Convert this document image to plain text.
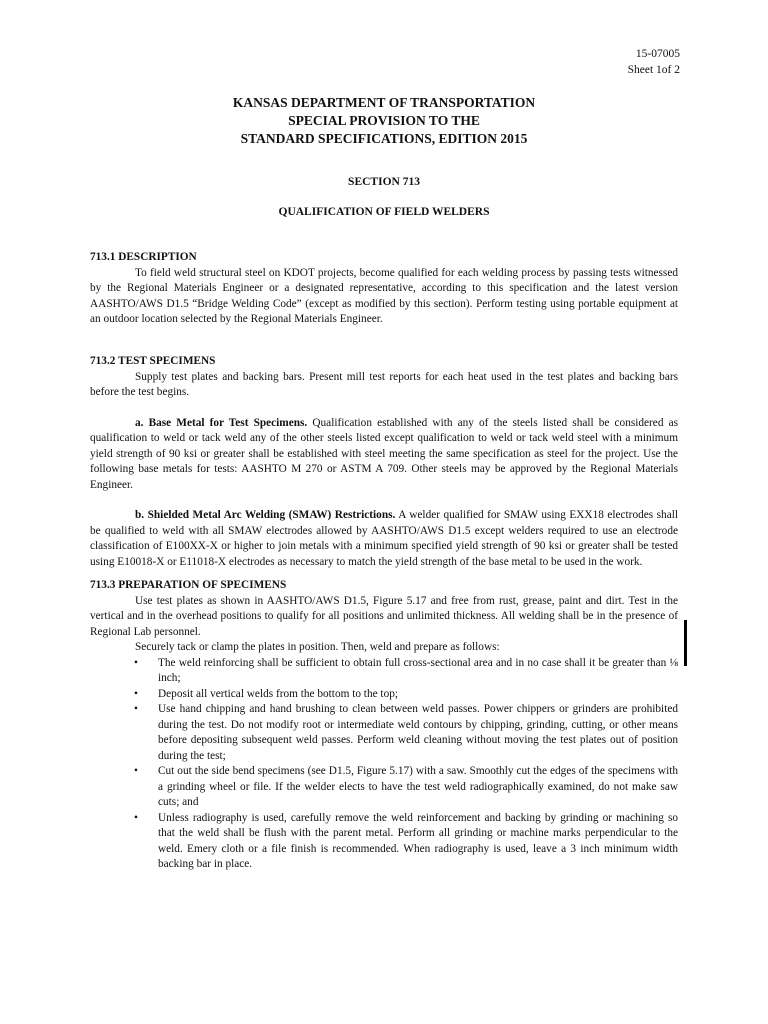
15-07005
Sheet 1of 2
KANSAS DEPARTMENT OF TRANSPORTATION
SPECIAL PROVISION TO THE
STANDARD SPECIFICATIONS, EDITION 2015
SECTION 713
QUALIFICATION OF FIELD WELDERS

713.1 DESCRIPTION

To field weld structural steel on KDOT projects, become qualified for each welding process by passing tests witnessed by the Regional Materials Engineer or a designated representative, according to this specification and the latest version AASHTO/AWS D1.5 “Bridge Welding Code” (except as modified by this section). Perform testing using portable equipment at an outdoor location selected by the Regional Materials Engineer.

713.2 TEST SPECIMENS

Supply test plates and backing bars. Present mill test reports for each heat used in the test plates and backing bars before the test begins.

a. Base Metal for Test Specimens. Qualification established with any of the steels listed shall be considered as qualification to weld or tack weld any of the other steels listed except qualification to weld or tack weld steel with a minimum yield strength of 90 ksi or greater shall be established with steel meeting the same specification as steel for the project. Use the following base metals for tests: AASHTO M 270 or ASTM A 709. Other steels may be approved by the Regional Materials Engineer.

b. Shielded Metal Arc Welding (SMAW) Restrictions. A welder qualified for SMAW using EXX18 electrodes shall be qualified to weld with all SMAW electrodes allowed by AASHTO/AWS D1.5 except welders required to use an electrode classification of E100XX-X or higher to join metals with a minimum specified yield strength of 90 ksi or greater shall be tested using E10018-X or E11018-X electrodes as necessary to match the yield strength of the base metal to be used in the work.

713.3 PREPARATION OF SPECIMENS

Use test plates as shown in AASHTO/AWS D1.5, Figure 5.17 and free from rust, grease, paint and dirt. Test in the vertical and in the overhead positions to qualify for all positions and unlimited thickness. All welding shall be in the presence of Regional Lab personnel.

Securely tack or clamp the plates in position. Then, weld and prepare as follows:

• The weld reinforcing shall be sufficient to obtain full cross-sectional area and in no case shall it be greater than ⅛ inch;
• Deposit all vertical welds from the bottom to the top;
• Use hand chipping and hand brushing to clean between weld passes. Power chippers or grinders are prohibited during the test. Do not modify root or intermediate weld contours by chipping, grinding, cutting, or other means before depositing subsequent weld passes. Perform weld cleaning without moving the test plates out of position during the test;
• Cut out the side bend specimens (see D1.5, Figure 5.17) with a saw. Smoothly cut the edges of the specimens with a grinding wheel or file. If the welder elects to have the test weld radiographically examined, do not make saw cuts; and
• Unless radiography is used, carefully remove the weld reinforcement and backing by grinding or machining so that the weld shall be flush with the parent metal. Perform all grinding or machine marks perpendicular to the weld. Emery cloth or a file finish is recommended. When radiography is used, leave a 3 inch minimum width backing bar in place.
